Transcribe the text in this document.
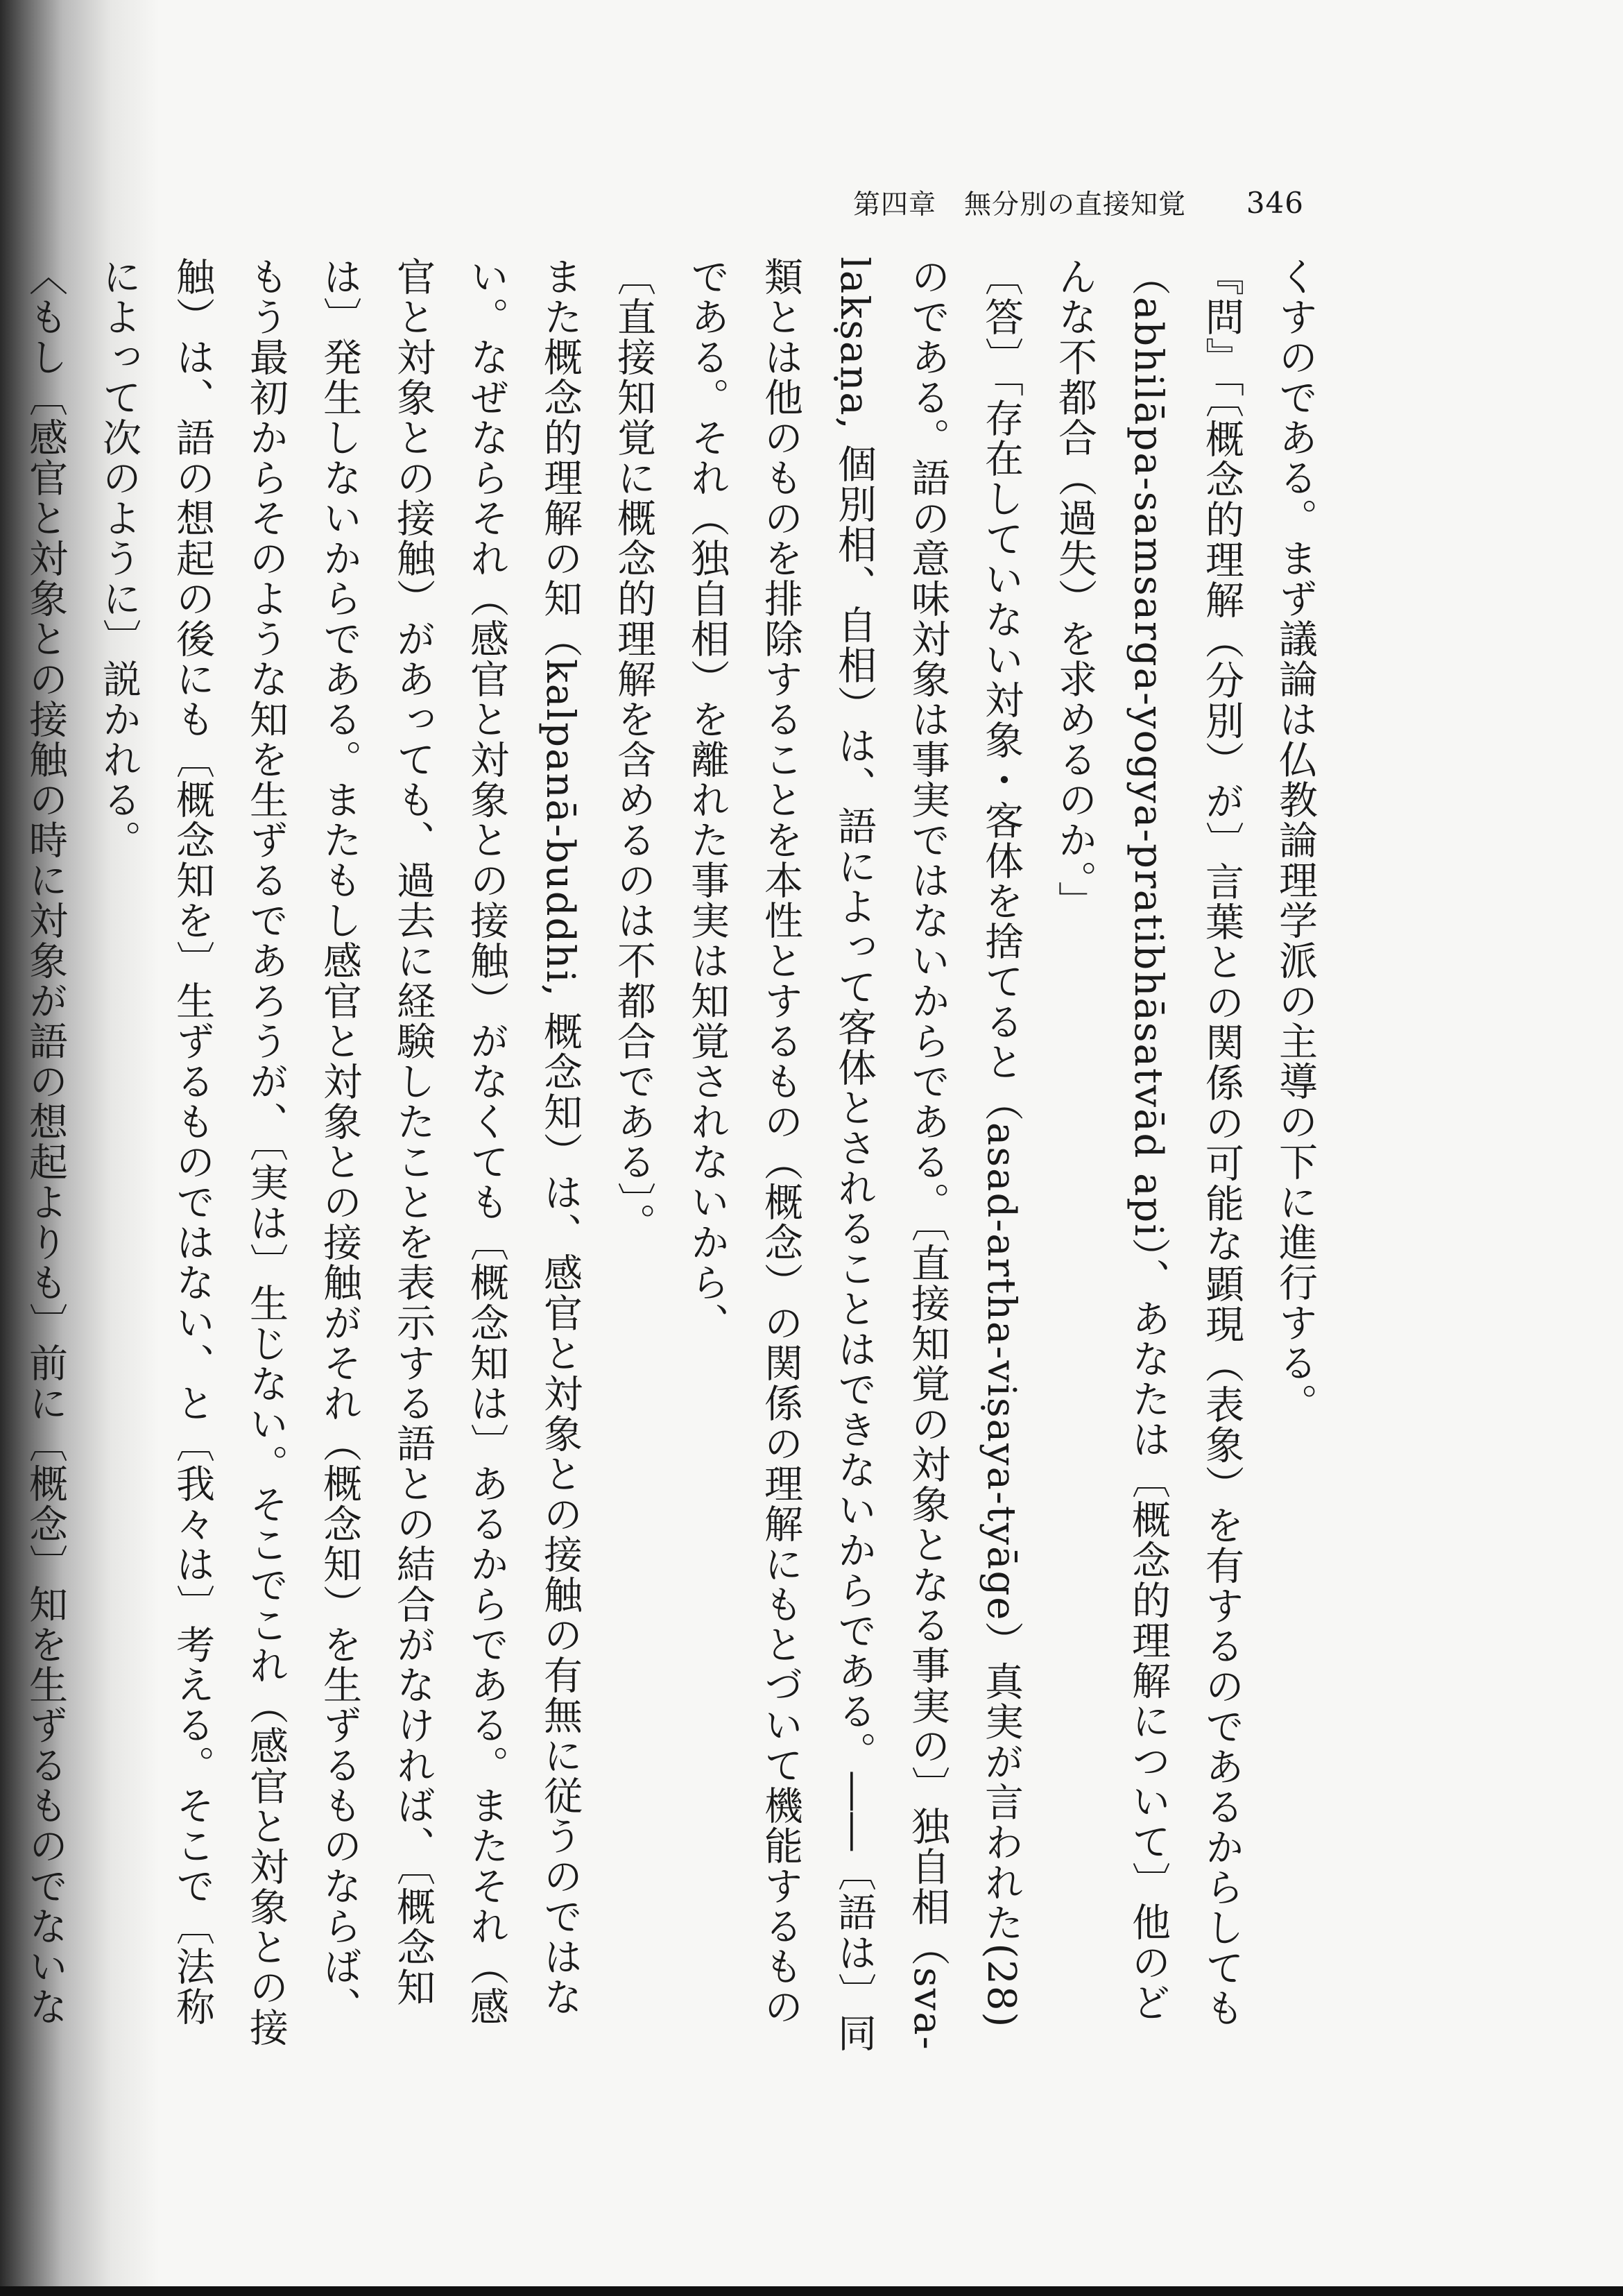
第四章 無分別の直接知覚	346

くすのである。まず議論は仏教論理学派の主導の下に進行する。

『問』「〔概念的理解（分別）が〕言葉との関係の可能な顕現（表象）を有するのであるからしても（abhilāpa-samsarga-yogya-pratibhāsatvād api）、あなたは〔概念的理解について〕他のどんな不都合（過失）を求めるのか。」

〔答〕「存在していない対象・客体を捨てると（asad-artha-viṣaya-tyāge）真実が言われた(28)のである。語の意味対象は事実ではないからである。〔直接知覚の対象となる事実の〕独自相（sva-lakṣaṇa, 個別相、自相）は、語によって客体とされることはできないからである。――〔語は〕同類とは他のものを排除することを本性とするもの（概念）の関係の理解にもとづいて機能するものである。それ（独自相）を離れた事実は知覚されないから、

〔直接知覚に概念的理解を含めるのは不都合である〕。

また概念的理解の知（kalpanā-buddhi, 概念知）は、感官と対象との接触の有無に従うのではない。なぜならそれ（感官と対象との接触）がなくても〔概念知は〕あるからである。またそれ（感官と対象との接触）があっても、過去に経験したことを表示する語との結合がなければ、〔概念知は〕発生しないからである。またもし感官と対象との接触がそれ（概念知）を生ずるものならば、もう最初からそのような知を生ずるであろうが、〔実は〕生じない。そこでこれ（感官と対象との接触）は、語の想起の後にも〔概念知を〕生ずるものではない、と〔我々は〕考える。そこで〔法称によって次のように〕説かれる。

〈もし〔感官と対象との接触の時に対象が語の想起よりも〕前に〔概念〕知を生ずるものでないな
